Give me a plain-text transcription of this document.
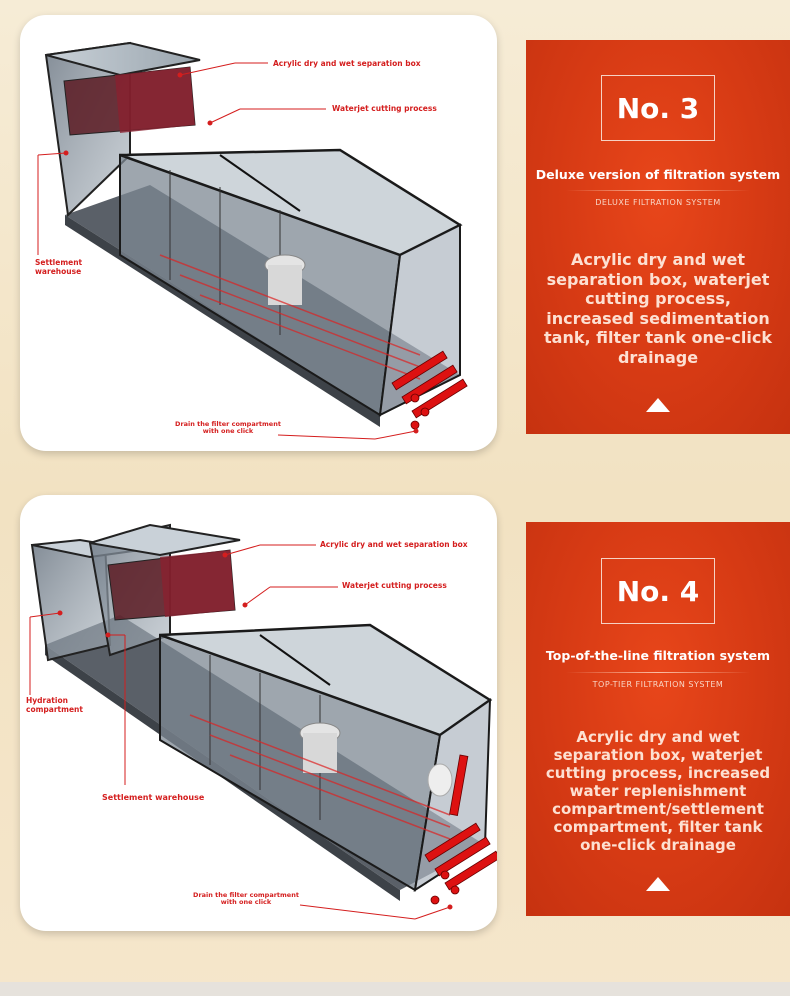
Acrylic dry and wet separation box
Waterjet cutting process
Settlement warehouse
Drain the filter compartment with one click
No. 3
Deluxe version of filtration system
DELUXE FILTRATION SYSTEM
Acrylic dry and wet separation box, waterjet cutting process, increased sedimentation tank, filter tank one-click drainage
Acrylic dry and wet separation box
Waterjet cutting process
Hydration compartment
Settlement warehouse
Drain the filter compartment with one click
No. 4
Top-of-the-line filtration system
TOP-TIER FILTRATION SYSTEM
Acrylic dry and wet separation box, waterjet cutting process, increased water replenishment compartment/settlement compartment, filter tank one-click drainage
